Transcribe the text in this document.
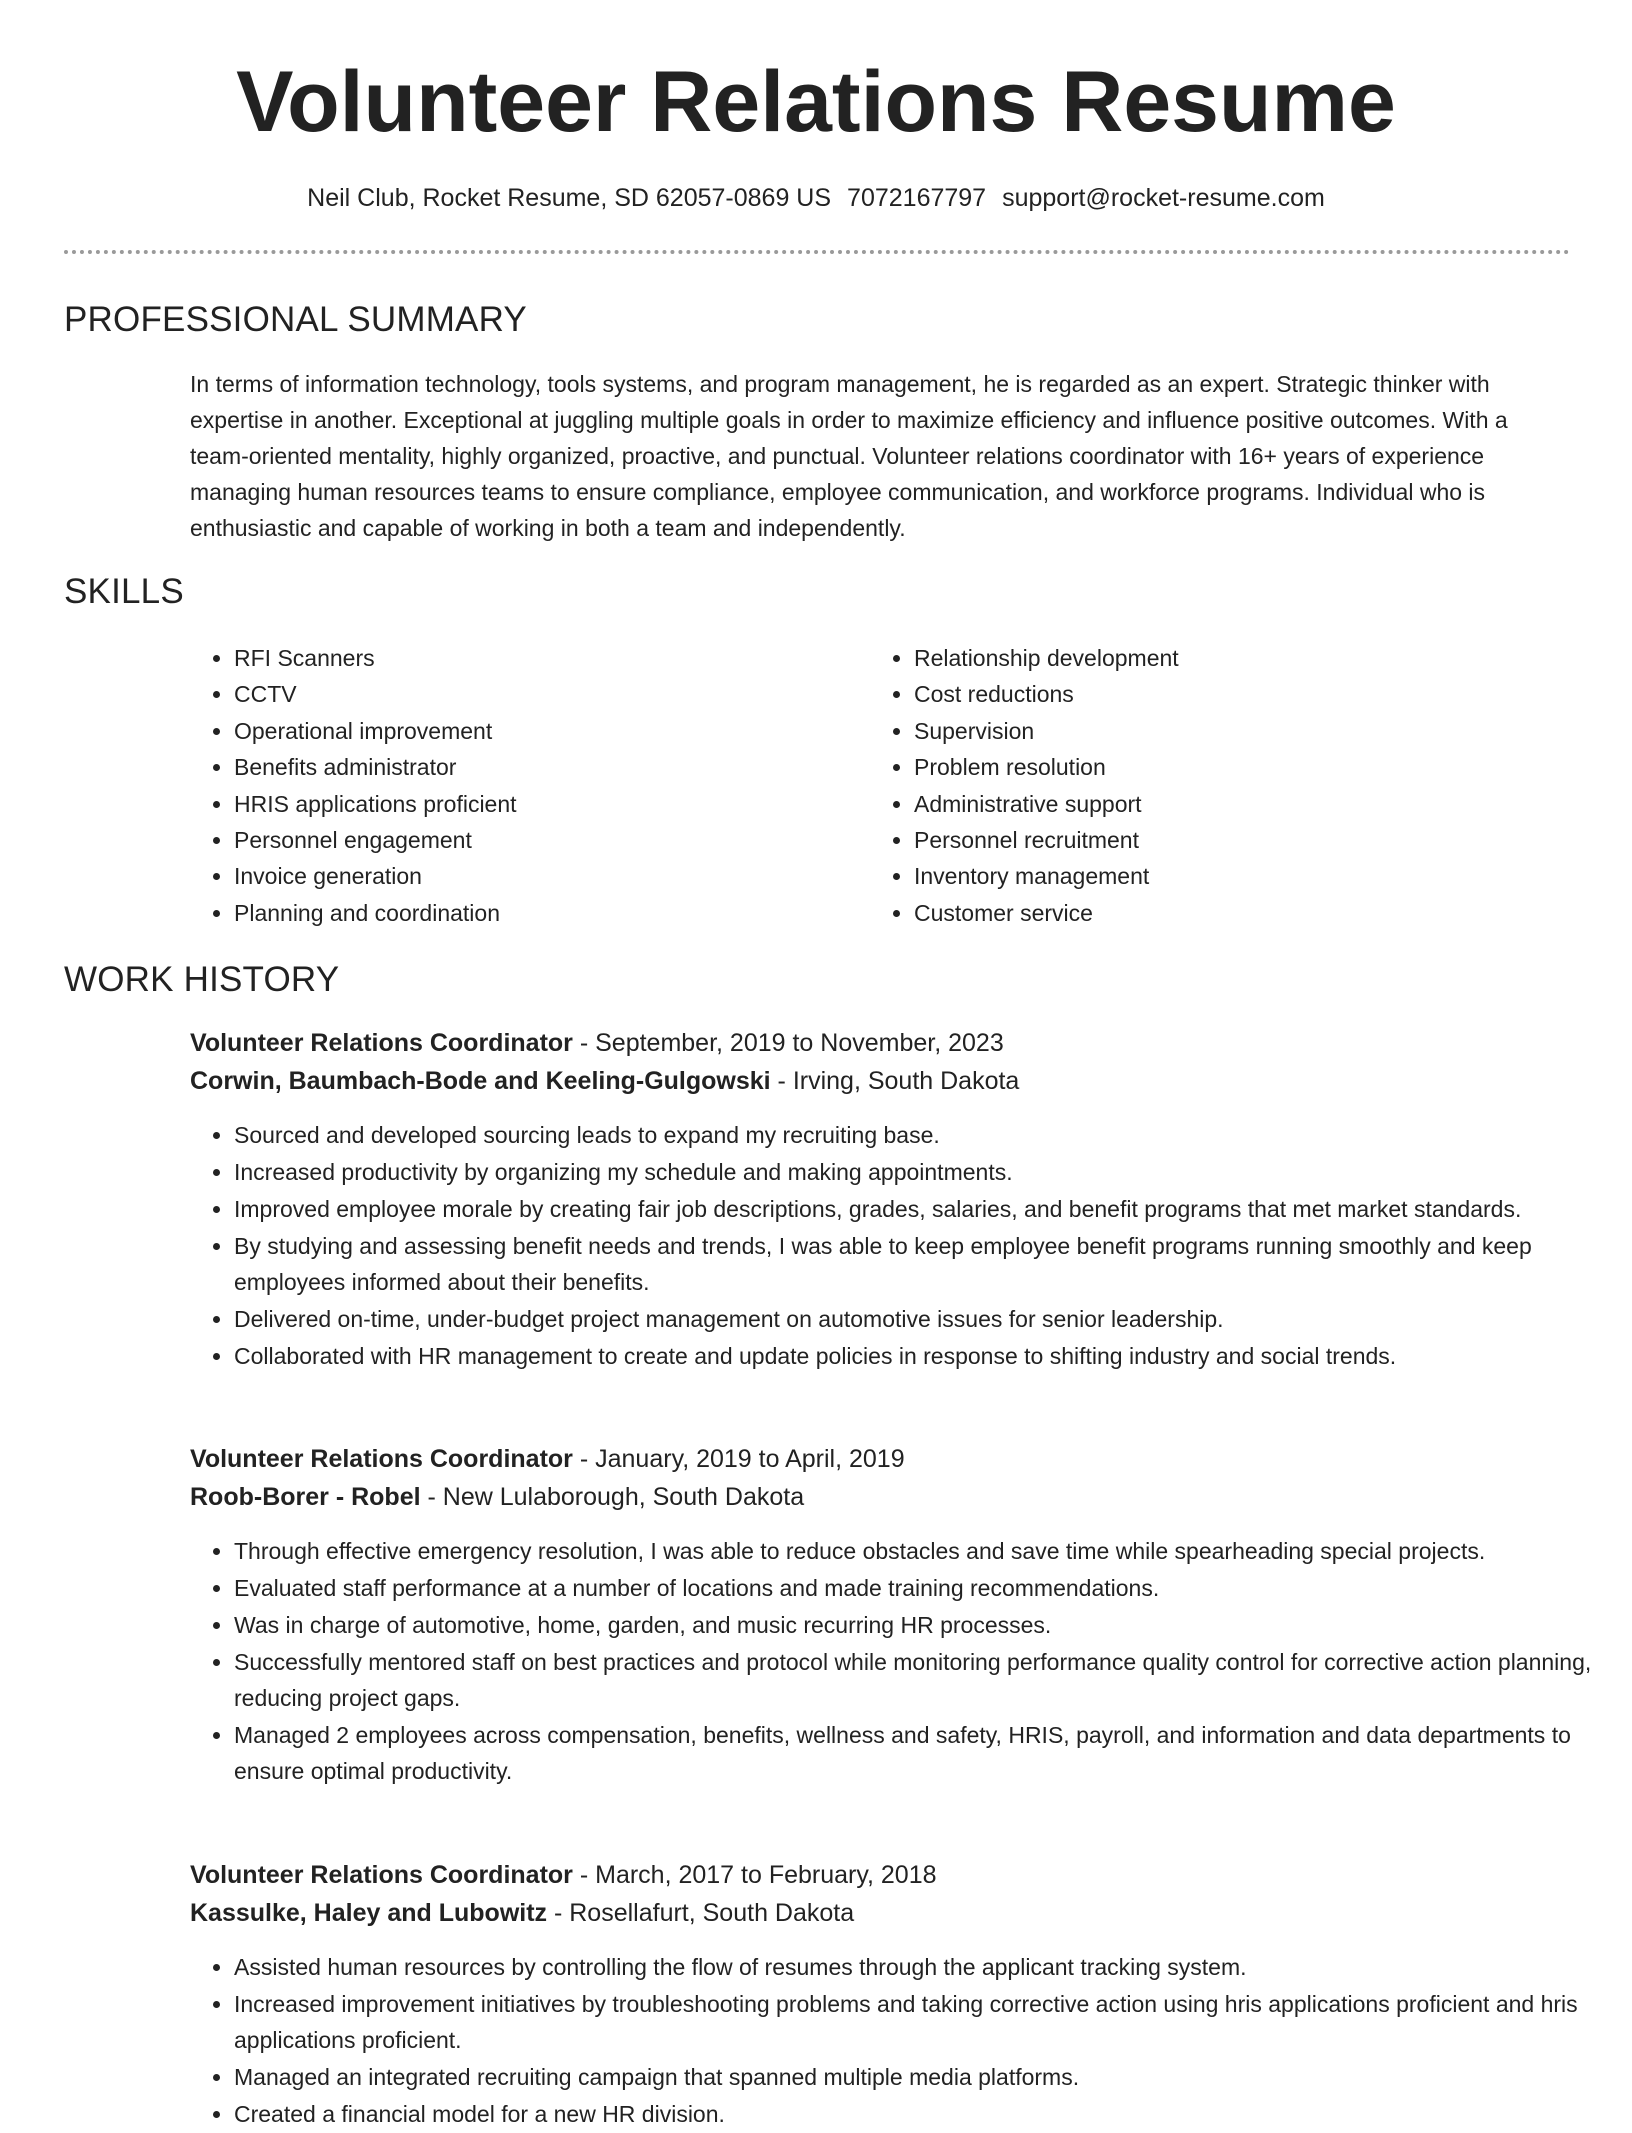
Volunteer Relations Resume
Neil Club, Rocket Resume, SD 62057-0869 US 7072167797 support@rocket-resume.com
PROFESSIONAL SUMMARY

In terms of information technology, tools systems, and program management, he is regarded as an expert. Strategic thinker with expertise in another. Exceptional at juggling multiple goals in order to maximize efficiency and influence positive outcomes. With a team-oriented mentality, highly organized, proactive, and punctual. Volunteer relations coordinator with 16+ years of experience managing human resources teams to ensure compliance, employee communication, and workforce programs. Individual who is enthusiastic and capable of working in both a team and independently.

SKILLS
• RFI Scanners
• CCTV
• Operational improvement
• Benefits administrator
• HRIS applications proficient
• Personnel engagement
• Invoice generation
• Planning and coordination
• Relationship development
• Cost reductions
• Supervision
• Problem resolution
• Administrative support
• Personnel recruitment
• Inventory management
• Customer service
WORK HISTORY
Volunteer Relations Coordinator - September, 2019 to November, 2023
Corwin, Baumbach-Bode and Keeling-Gulgowski - Irving, South Dakota
• Sourced and developed sourcing leads to expand my recruiting base.
• Increased productivity by organizing my schedule and making appointments.
• Improved employee morale by creating fair job descriptions, grades, salaries, and benefit programs that met market standards.
• By studying and assessing benefit needs and trends, I was able to keep employee benefit programs running smoothly and keep employees informed about their benefits.
• Delivered on-time, under-budget project management on automotive issues for senior leadership.
• Collaborated with HR management to create and update policies in response to shifting industry and social trends.
Volunteer Relations Coordinator - January, 2019 to April, 2019
Roob-Borer - Robel - New Lulaborough, South Dakota
• Through effective emergency resolution, I was able to reduce obstacles and save time while spearheading special projects.
• Evaluated staff performance at a number of locations and made training recommendations.
• Was in charge of automotive, home, garden, and music recurring HR processes.
• Successfully mentored staff on best practices and protocol while monitoring performance quality control for corrective action planning, reducing project gaps.
• Managed 2 employees across compensation, benefits, wellness and safety, HRIS, payroll, and information and data departments to ensure optimal productivity.
Volunteer Relations Coordinator - March, 2017 to February, 2018
Kassulke, Haley and Lubowitz - Rosellafurt, South Dakota
• Assisted human resources by controlling the flow of resumes through the applicant tracking system.
• Increased improvement initiatives by troubleshooting problems and taking corrective action using hris applications proficient and hris applications proficient.
• Managed an integrated recruiting campaign that spanned multiple media platforms.
• Created a financial model for a new HR division.
